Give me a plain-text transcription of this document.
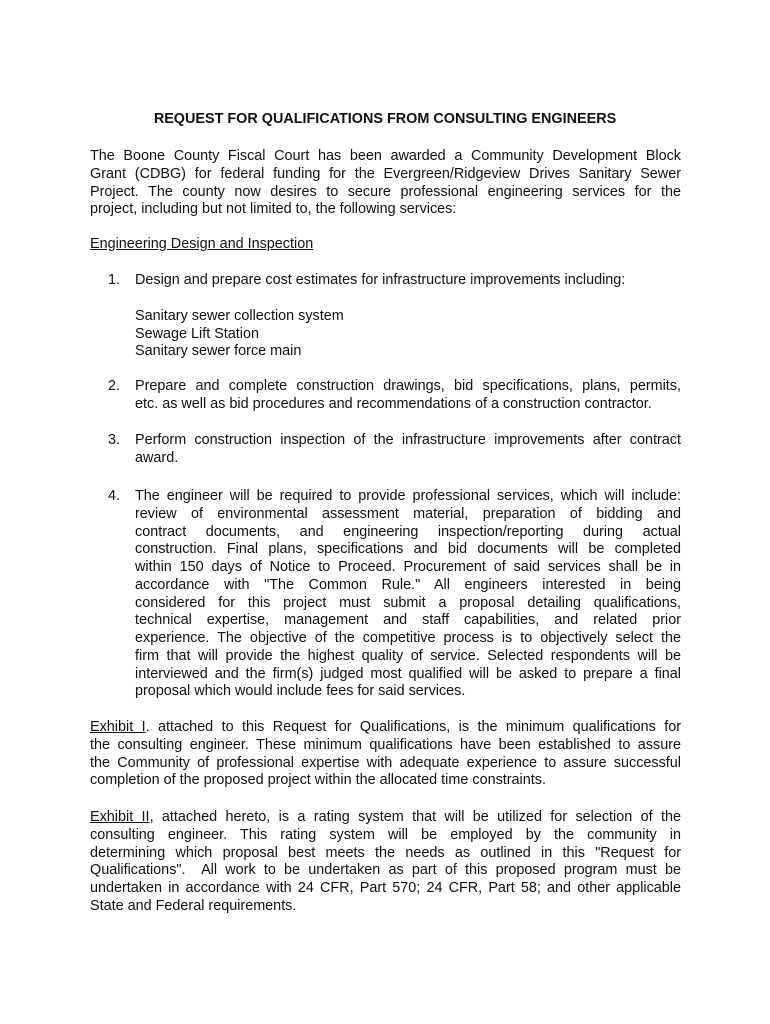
REQUEST FOR QUALIFICATIONS FROM CONSULTING ENGINEERS
The Boone County Fiscal Court has been awarded a Community Development Block
Grant (CDBG) for federal funding for the Evergreen/Ridgeview Drives Sanitary Sewer
Project. The county now desires to secure professional engineering services for the
project, including but not limited to, the following services:
Engineering Design and Inspection
1. Design and prepare cost estimates for infrastructure improvements including:
Sanitary sewer collection system
Sewage Lift Station
Sanitary sewer force main
2. Prepare and complete construction drawings, bid specifications, plans, permits,
etc. as well as bid procedures and recommendations of a construction contractor.
3. Perform construction inspection of the infrastructure improvements after contract
award.
4. The engineer will be required to provide professional services, which will include:
review of environmental assessment material, preparation of bidding and
contract documents, and engineering inspection/reporting during actual
construction. Final plans, specifications and bid documents will be completed
within 150 days of Notice to Proceed. Procurement of said services shall be in
accordance with "The Common Rule." All engineers interested in being
considered for this project must submit a proposal detailing qualifications,
technical expertise, management and staff capabilities, and related prior
experience. The objective of the competitive process is to objectively select the
firm that will provide the highest quality of service. Selected respondents will be
interviewed and the firm(s) judged most qualified will be asked to prepare a final
proposal which would include fees for said services.
Exhibit I. attached to this Request for Qualifications, is the minimum qualifications for
the consulting engineer. These minimum qualifications have been established to assure
the Community of professional expertise with adequate experience to assure successful
completion of the proposed project within the allocated time constraints.
Exhibit II, attached hereto, is a rating system that will be utilized for selection of the
consulting engineer. This rating system will be employed by the community in
determining which proposal best meets the needs as outlined in this "Request for
Qualifications".  All work to be undertaken as part of this proposed program must be
undertaken in accordance with 24 CFR, Part 570; 24 CFR, Part 58; and other applicable
State and Federal requirements.
